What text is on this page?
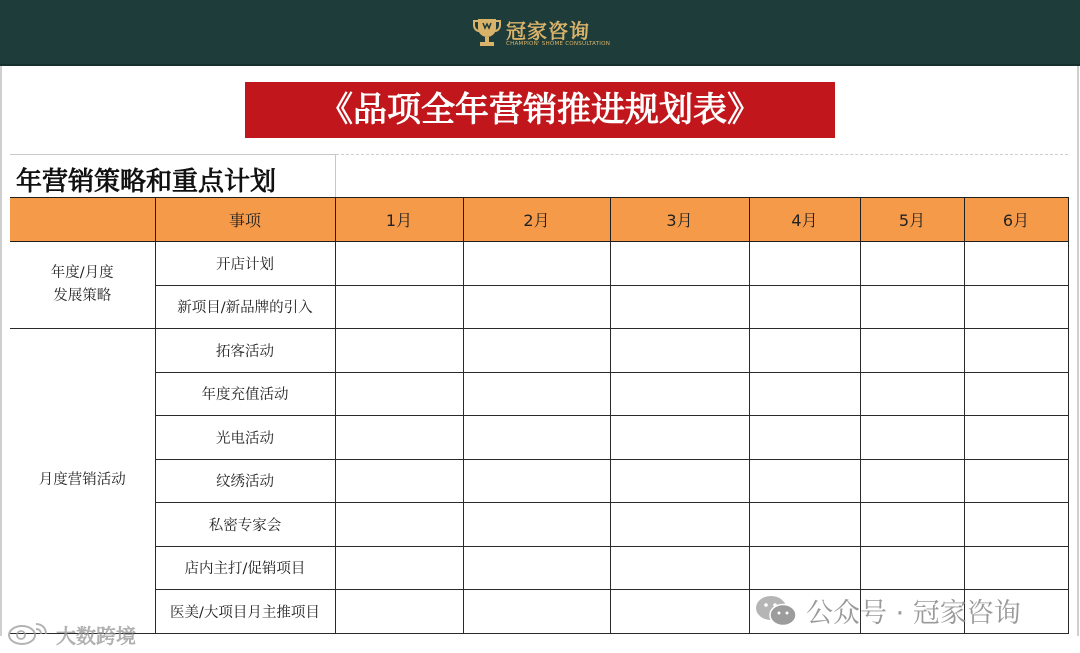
冠家咨询
CHAMPION' SHOME CONSULTATION
《品项全年营销推进规划表》
年营销策略和重点计划
	事项	1月	2月	3月	4月	5月	6月
年度/月度
发展策略	开店计划						
	新项目/新品牌的引入						
月度营销活动	拓客活动						
	年度充值活动						
	光电活动						
	纹绣活动						
	私密专家会						
	店内主打/促销项目						
	医美/大项目月主推项目							公众号 · 冠家咨询
大数跨境
